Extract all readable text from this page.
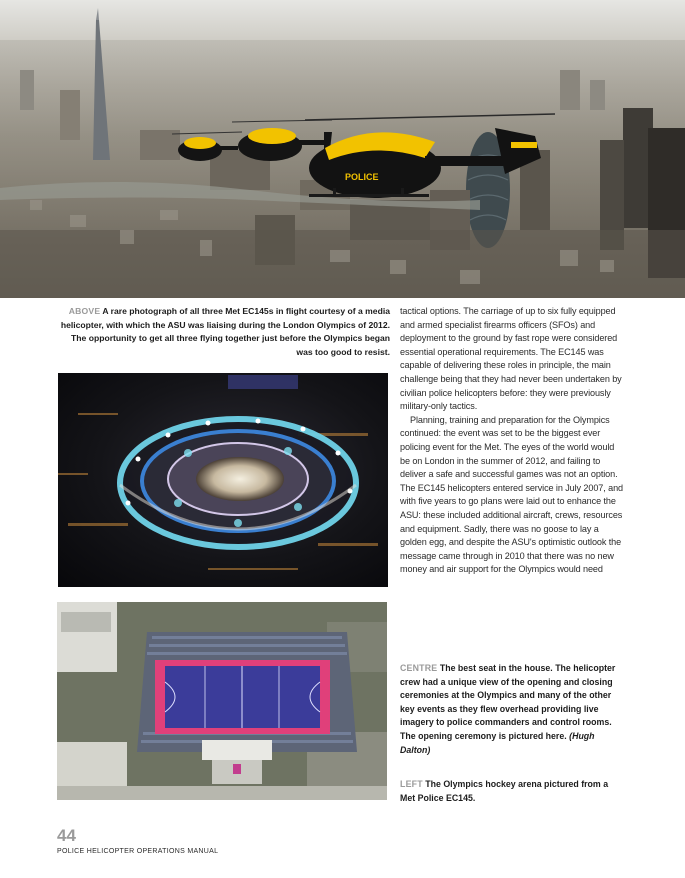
POLICE
ABOVE A rare photograph of all three Met EC145s in flight courtesy of a media helicopter, with which the ASU was liaising during the London Olympics of 2012. The opportunity to get all three flying together just before the Olympics began was too good to resist.

tactical options. The carriage of up to six fully equipped and armed specialist firearms officers (SFOs) and deployment to the ground by fast rope were considered essential operational requirements. The EC145 was capable of delivering these roles in principle, the main challenge being that they had never been undertaken by civilian police helicopters before: they were previously military-only tactics.

Planning, training and preparation for the Olympics continued: the event was set to be the biggest ever policing event for the Met. The eyes of the world would be on London in the summer of 2012, and failing to deliver a safe and successful games was not an option. The EC145 helicopters entered service in July 2007, and with five years to go plans were laid out to enhance the ASU: these included additional aircraft, crews, resources and equipment. Sadly, there was no goose to lay a golden egg, and despite the ASU's optimistic outlook the message came through in 2010 that there was no new money and air support for the Olympics would need

CENTRE The best seat in the house. The helicopter crew had a unique view of the opening and closing ceremonies at the Olympics and many of the other key events as they flew overhead providing live imagery to police commanders and control rooms. The opening ceremony is pictured here. (Hugh Dalton)
LEFT The Olympics hockey arena pictured from a Met Police EC145.
44
POLICE HELICOPTER OPERATIONS MANUAL
